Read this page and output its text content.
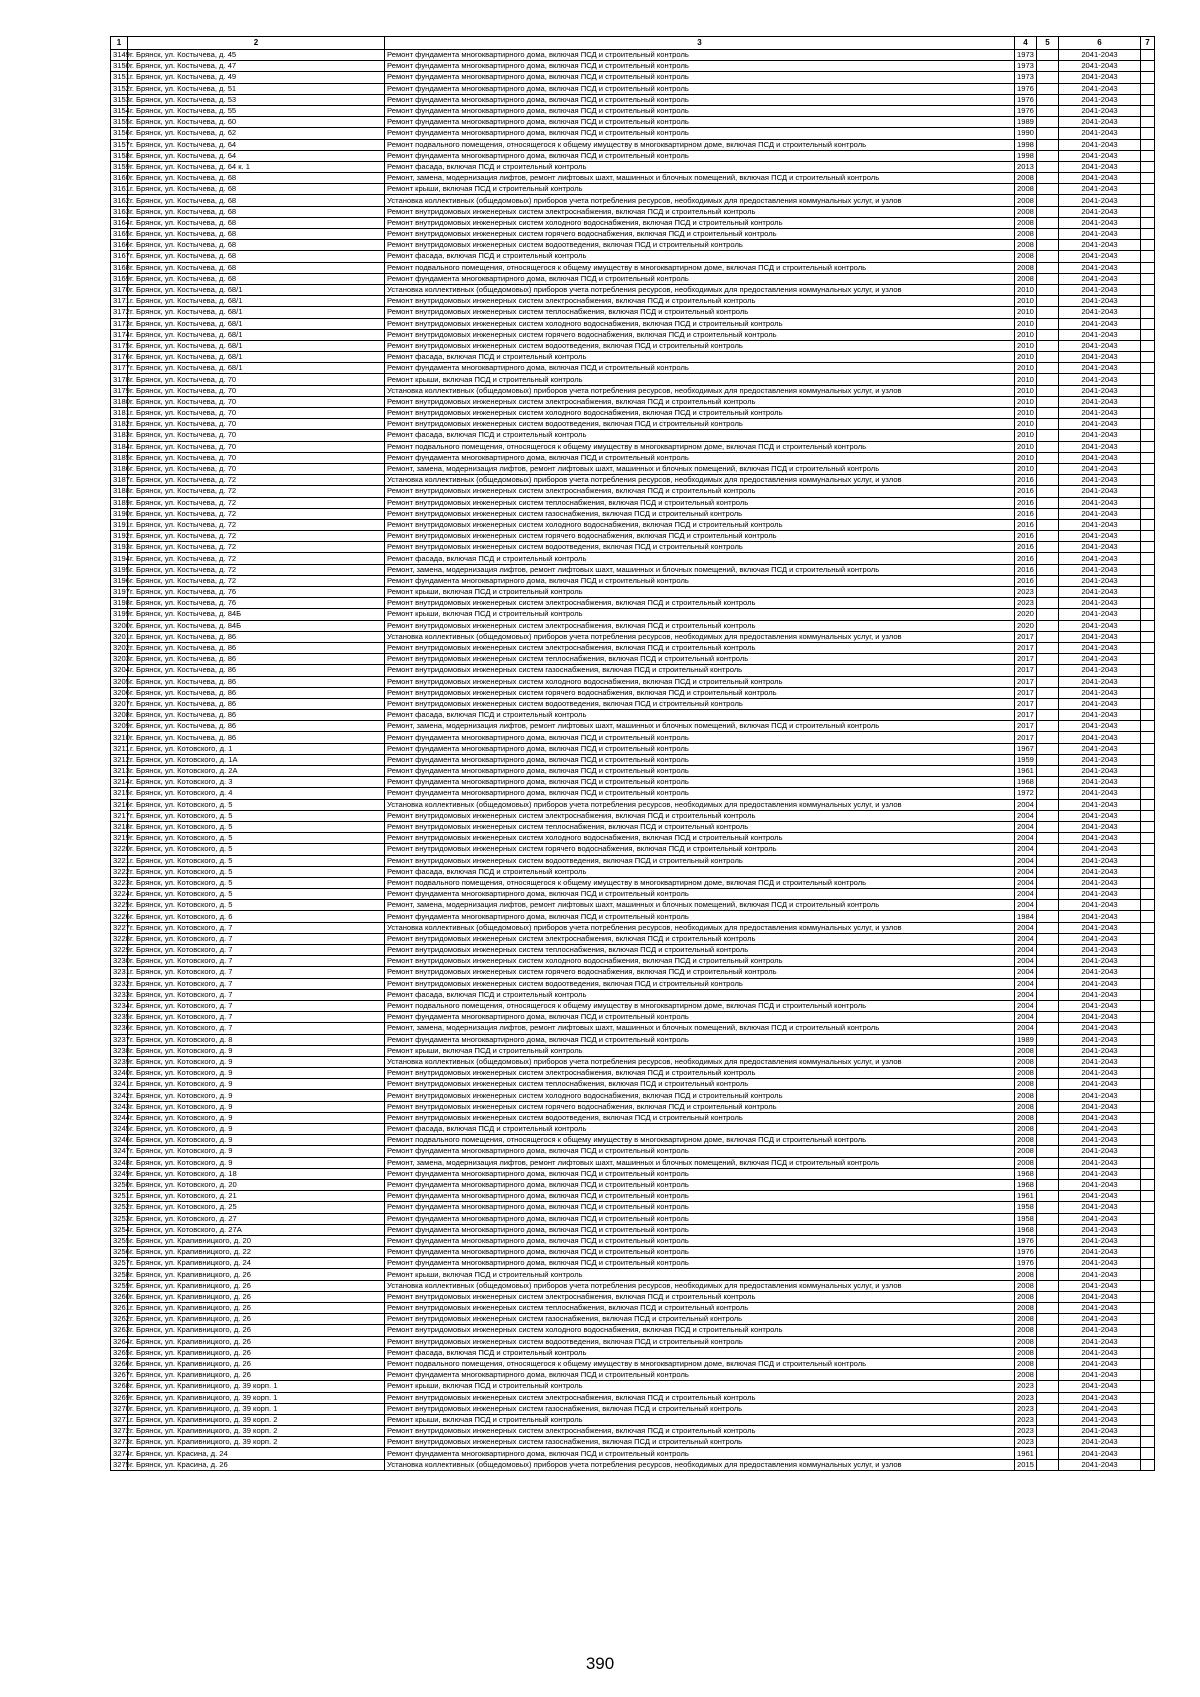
1	2	3	4	5	6	7
3149	г. Брянск, ул. Костычева, д. 45	Ремонт фундамента многоквартирного дома, включая ПСД и строительный контроль	1973		2041-2043	
3150	г. Брянск, ул. Костычева, д. 47	Ремонт фундамента многоквартирного дома, включая ПСД и строительный контроль	1973		2041-2043	
3151	г. Брянск, ул. Костычева, д. 49	Ремонт фундамента многоквартирного дома, включая ПСД и строительный контроль	1973		2041-2043	
3152	г. Брянск, ул. Костычева, д. 51	Ремонт фундамента многоквартирного дома, включая ПСД и строительный контроль	1976		2041-2043	
3153	г. Брянск, ул. Костычева, д. 53	Ремонт фундамента многоквартирного дома, включая ПСД и строительный контроль	1976		2041-2043	
3154	г. Брянск, ул. Костычева, д. 55	Ремонт фундамента многоквартирного дома, включая ПСД и строительный контроль	1976		2041-2043	
3155	г. Брянск, ул. Костычева, д. 60	Ремонт фундамента многоквартирного дома, включая ПСД и строительный контроль	1989		2041-2043	
3156	г. Брянск, ул. Костычева, д. 62	Ремонт фундамента многоквартирного дома, включая ПСД и строительный контроль	1990		2041-2043	
3157	г. Брянск, ул. Костычева, д. 64	Ремонт подвального помещения, относящегося к общему имуществу в многоквартирном доме, включая ПСД и строительный контроль	1998		2041-2043	
3158	г. Брянск, ул. Костычева, д. 64	Ремонт фундамента многоквартирного дома, включая ПСД и строительный контроль	1998		2041-2043	
3159	г. Брянск, ул. Костычева, д. 64 к. 1	Ремонт фасада, включая ПСД и строительный контроль	2013		2041-2043	
3160	г. Брянск, ул. Костычева, д. 68	Ремонт, замена, модернизация лифтов, ремонт лифтовых шахт, машинных и блочных помещений, включая ПСД и строительный контроль	2008		2041-2043	
3161	г. Брянск, ул. Костычева, д. 68	Ремонт крыши, включая ПСД и строительный контроль	2008		2041-2043	
3162	г. Брянск, ул. Костычева, д. 68	Установка коллективных (общедомовых) приборов учета потребления ресурсов, необходимых для предоставления коммунальных услуг, и узлов	2008		2041-2043	
3163	г. Брянск, ул. Костычева, д. 68	Ремонт внутридомовых инженерных систем электроснабжения, включая ПСД и строительный контроль	2008		2041-2043	
3164	г. Брянск, ул. Костычева, д. 68	Ремонт внутридомовых инженерных систем холодного водоснабжения, включая ПСД и строительный контроль	2008		2041-2043	
3165	г. Брянск, ул. Костычева, д. 68	Ремонт внутридомовых инженерных систем горячего водоснабжения, включая ПСД и строительный контроль	2008		2041-2043	
3166	г. Брянск, ул. Костычева, д. 68	Ремонт внутридомовых инженерных систем водоотведения, включая ПСД и строительный контроль	2008		2041-2043	
3167	г. Брянск, ул. Костычева, д. 68	Ремонт фасада, включая ПСД и строительный контроль	2008		2041-2043	
3168	г. Брянск, ул. Костычева, д. 68	Ремонт подвального помещения, относящегося к общему имуществу в многоквартирном доме, включая ПСД и строительный контроль	2008		2041-2043	
3169	г. Брянск, ул. Костычева, д. 68	Ремонт фундамента многоквартирного дома, включая ПСД и строительный контроль	2008		2041-2043	
3170	г. Брянск, ул. Костычева, д. 68/1	Установка коллективных (общедомовых) приборов учета потребления ресурсов, необходимых для предоставления коммунальных услуг, и узлов	2010		2041-2043	
3171	г. Брянск, ул. Костычева, д. 68/1	Ремонт внутридомовых инженерных систем электроснабжения, включая ПСД и строительный контроль	2010		2041-2043	
3172	г. Брянск, ул. Костычева, д. 68/1	Ремонт внутридомовых инженерных систем теплоснабжения, включая ПСД и строительный контроль	2010		2041-2043	
3173	г. Брянск, ул. Костычева, д. 68/1	Ремонт внутридомовых инженерных систем холодного водоснабжения, включая ПСД и строительный контроль	2010		2041-2043	
3174	г. Брянск, ул. Костычева, д. 68/1	Ремонт внутридомовых инженерных систем горячего водоснабжения, включая ПСД и строительный контроль	2010		2041-2043	
3175	г. Брянск, ул. Костычева, д. 68/1	Ремонт внутридомовых инженерных систем водоотведения, включая ПСД и строительный контроль	2010		2041-2043	
3176	г. Брянск, ул. Костычева, д. 68/1	Ремонт фасада, включая ПСД и строительный контроль	2010		2041-2043	
3177	г. Брянск, ул. Костычева, д. 68/1	Ремонт фундамента многоквартирного дома, включая ПСД и строительный контроль	2010		2041-2043	
3178	г. Брянск, ул. Костычева, д. 70	Ремонт крыши, включая ПСД и строительный контроль	2010		2041-2043	
3179	г. Брянск, ул. Костычева, д. 70	Установка коллективных (общедомовых) приборов учета потребления ресурсов, необходимых для предоставления коммунальных услуг, и узлов	2010		2041-2043	
3180	г. Брянск, ул. Костычева, д. 70	Ремонт внутридомовых инженерных систем электроснабжения, включая ПСД и строительный контроль	2010		2041-2043	
3181	г. Брянск, ул. Костычева, д. 70	Ремонт внутридомовых инженерных систем холодного водоснабжения, включая ПСД и строительный контроль	2010		2041-2043	
3182	г. Брянск, ул. Костычева, д. 70	Ремонт внутридомовых инженерных систем водоотведения, включая ПСД и строительный контроль	2010		2041-2043	
3183	г. Брянск, ул. Костычева, д. 70	Ремонт фасада, включая ПСД и строительный контроль	2010		2041-2043	
3184	г. Брянск, ул. Костычева, д. 70	Ремонт подвального помещения, относящегося к общему имуществу в многоквартирном доме, включая ПСД и строительный контроль	2010		2041-2043	
3185	г. Брянск, ул. Костычева, д. 70	Ремонт фундамента многоквартирного дома, включая ПСД и строительный контроль	2010		2041-2043	
3186	г. Брянск, ул. Костычева, д. 70	Ремонт, замена, модернизация лифтов, ремонт лифтовых шахт, машинных и блочных помещений, включая ПСД и строительный контроль	2010		2041-2043	
3187	г. Брянск, ул. Костычева, д. 72	Установка коллективных (общедомовых) приборов учета потребления ресурсов, необходимых для предоставления коммунальных услуг, и узлов	2016		2041-2043	
3188	г. Брянск, ул. Костычева, д. 72	Ремонт внутридомовых инженерных систем электроснабжения, включая ПСД и строительный контроль	2016		2041-2043	
3189	г. Брянск, ул. Костычева, д. 72	Ремонт внутридомовых инженерных систем теплоснабжения, включая ПСД и строительный контроль	2016		2041-2043	
3190	г. Брянск, ул. Костычева, д. 72	Ремонт внутридомовых инженерных систем газоснабжения, включая ПСД и строительный контроль	2016		2041-2043	
3191	г. Брянск, ул. Костычева, д. 72	Ремонт внутридомовых инженерных систем холодного водоснабжения, включая ПСД и строительный контроль	2016		2041-2043	
3192	г. Брянск, ул. Костычева, д. 72	Ремонт внутридомовых инженерных систем горячего водоснабжения, включая ПСД и строительный контроль	2016		2041-2043	
3193	г. Брянск, ул. Костычева, д. 72	Ремонт внутридомовых инженерных систем водоотведения, включая ПСД и строительный контроль	2016		2041-2043	
3194	г. Брянск, ул. Костычева, д. 72	Ремонт фасада, включая ПСД и строительный контроль	2016		2041-2043	
3195	г. Брянск, ул. Костычева, д. 72	Ремонт, замена, модернизация лифтов, ремонт лифтовых шахт, машинных и блочных помещений, включая ПСД и строительный контроль	2016		2041-2043	
3196	г. Брянск, ул. Костычева, д. 72	Ремонт фундамента многоквартирного дома, включая ПСД и строительный контроль	2016		2041-2043	
3197	г. Брянск, ул. Костычева, д. 76	Ремонт крыши, включая ПСД и строительный контроль	2023		2041-2043	
3198	г. Брянск, ул. Костычева, д. 76	Ремонт внутридомовых инженерных систем электроснабжения, включая ПСД и строительный контроль	2023		2041-2043	
3199	г. Брянск, ул. Костычева, д. 84Б	Ремонт крыши, включая ПСД и строительный контроль	2020		2041-2043	
3200	г. Брянск, ул. Костычева, д. 84Б	Ремонт внутридомовых инженерных систем электроснабжения, включая ПСД и строительный контроль	2020		2041-2043	
3201	г. Брянск, ул. Костычева, д. 86	Установка коллективных (общедомовых) приборов учета потребления ресурсов, необходимых для предоставления коммунальных услуг, и узлов	2017		2041-2043	
3202	г. Брянск, ул. Костычева, д. 86	Ремонт внутридомовых инженерных систем электроснабжения, включая ПСД и строительный контроль	2017		2041-2043	
3203	г. Брянск, ул. Костычева, д. 86	Ремонт внутридомовых инженерных систем теплоснабжения, включая ПСД и строительный контроль	2017		2041-2043	
3204	г. Брянск, ул. Костычева, д. 86	Ремонт внутридомовых инженерных систем газоснабжения, включая ПСД и строительный контроль	2017		2041-2043	
3205	г. Брянск, ул. Костычева, д. 86	Ремонт внутридомовых инженерных систем холодного водоснабжения, включая ПСД и строительный контроль	2017		2041-2043	
3206	г. Брянск, ул. Костычева, д. 86	Ремонт внутридомовых инженерных систем горячего водоснабжения, включая ПСД и строительный контроль	2017		2041-2043	
3207	г. Брянск, ул. Костычева, д. 86	Ремонт внутридомовых инженерных систем водоотведения, включая ПСД и строительный контроль	2017		2041-2043	
3208	г. Брянск, ул. Костычева, д. 86	Ремонт фасада, включая ПСД и строительный контроль	2017		2041-2043	
3209	г. Брянск, ул. Костычева, д. 86	Ремонт, замена, модернизация лифтов, ремонт лифтовых шахт, машинных и блочных помещений, включая ПСД и строительный контроль	2017		2041-2043	
3210	г. Брянск, ул. Костычева, д. 86	Ремонт фундамента многоквартирного дома, включая ПСД и строительный контроль	2017		2041-2043	
3211	г. Брянск, ул. Котовского, д. 1	Ремонт фундамента многоквартирного дома, включая ПСД и строительный контроль	1967		2041-2043	
3212	г. Брянск, ул. Котовского, д. 1А	Ремонт фундамента многоквартирного дома, включая ПСД и строительный контроль	1959		2041-2043	
3213	г. Брянск, ул. Котовского, д. 2А	Ремонт фундамента многоквартирного дома, включая ПСД и строительный контроль	1961		2041-2043	
3214	г. Брянск, ул. Котовского, д. 3	Ремонт фундамента многоквартирного дома, включая ПСД и строительный контроль	1968		2041-2043	
3215	г. Брянск, ул. Котовского, д. 4	Ремонт фундамента многоквартирного дома, включая ПСД и строительный контроль	1972		2041-2043	
3216	г. Брянск, ул. Котовского, д. 5	Установка коллективных (общедомовых) приборов учета потребления ресурсов, необходимых для предоставления коммунальных услуг, и узлов	2004		2041-2043	
3217	г. Брянск, ул. Котовского, д. 5	Ремонт внутридомовых инженерных систем электроснабжения, включая ПСД и строительный контроль	2004		2041-2043	
3218	г. Брянск, ул. Котовского, д. 5	Ремонт внутридомовых инженерных систем теплоснабжения, включая ПСД и строительный контроль	2004		2041-2043	
3219	г. Брянск, ул. Котовского, д. 5	Ремонт внутридомовых инженерных систем холодного водоснабжения, включая ПСД и строительный контроль	2004		2041-2043	
3220	г. Брянск, ул. Котовского, д. 5	Ремонт внутридомовых инженерных систем горячего водоснабжения, включая ПСД и строительный контроль	2004		2041-2043	
3221	г. Брянск, ул. Котовского, д. 5	Ремонт внутридомовых инженерных систем водоотведения, включая ПСД и строительный контроль	2004		2041-2043	
3222	г. Брянск, ул. Котовского, д. 5	Ремонт фасада, включая ПСД и строительный контроль	2004		2041-2043	
3223	г. Брянск, ул. Котовского, д. 5	Ремонт подвального помещения, относящегося к общему имуществу в многоквартирном доме, включая ПСД и строительный контроль	2004		2041-2043	
3224	г. Брянск, ул. Котовского, д. 5	Ремонт фундамента многоквартирного дома, включая ПСД и строительный контроль	2004		2041-2043	
3225	г. Брянск, ул. Котовского, д. 5	Ремонт, замена, модернизация лифтов, ремонт лифтовых шахт, машинных и блочных помещений, включая ПСД и строительный контроль	2004		2041-2043	
3226	г. Брянск, ул. Котовского, д. 6	Ремонт фундамента многоквартирного дома, включая ПСД и строительный контроль	1984		2041-2043	
3227	г. Брянск, ул. Котовского, д. 7	Установка коллективных (общедомовых) приборов учета потребления ресурсов, необходимых для предоставления коммунальных услуг, и узлов	2004		2041-2043	
3228	г. Брянск, ул. Котовского, д. 7	Ремонт внутридомовых инженерных систем электроснабжения, включая ПСД и строительный контроль	2004		2041-2043	
3229	г. Брянск, ул. Котовского, д. 7	Ремонт внутридомовых инженерных систем теплоснабжения, включая ПСД и строительный контроль	2004		2041-2043	
3230	г. Брянск, ул. Котовского, д. 7	Ремонт внутридомовых инженерных систем холодного водоснабжения, включая ПСД и строительный контроль	2004		2041-2043	
3231	г. Брянск, ул. Котовского, д. 7	Ремонт внутридомовых инженерных систем горячего водоснабжения, включая ПСД и строительный контроль	2004		2041-2043	
3232	г. Брянск, ул. Котовского, д. 7	Ремонт внутридомовых инженерных систем водоотведения, включая ПСД и строительный контроль	2004		2041-2043	
3233	г. Брянск, ул. Котовского, д. 7	Ремонт фасада, включая ПСД и строительный контроль	2004		2041-2043	
3234	г. Брянск, ул. Котовского, д. 7	Ремонт подвального помещения, относящегося к общему имуществу в многоквартирном доме, включая ПСД и строительный контроль	2004		2041-2043	
3235	г. Брянск, ул. Котовского, д. 7	Ремонт фундамента многоквартирного дома, включая ПСД и строительный контроль	2004		2041-2043	
3236	г. Брянск, ул. Котовского, д. 7	Ремонт, замена, модернизация лифтов, ремонт лифтовых шахт, машинных и блочных помещений, включая ПСД и строительный контроль	2004		2041-2043	
3237	г. Брянск, ул. Котовского, д. 8	Ремонт фундамента многоквартирного дома, включая ПСД и строительный контроль	1989		2041-2043	
3238	г. Брянск, ул. Котовского, д. 9	Ремонт крыши, включая ПСД и строительный контроль	2008		2041-2043	
3239	г. Брянск, ул. Котовского, д. 9	Установка коллективных (общедомовых) приборов учета потребления ресурсов, необходимых для предоставления коммунальных услуг, и узлов	2008		2041-2043	
3240	г. Брянск, ул. Котовского, д. 9	Ремонт внутридомовых инженерных систем электроснабжения, включая ПСД и строительный контроль	2008		2041-2043	
3241	г. Брянск, ул. Котовского, д. 9	Ремонт внутридомовых инженерных систем теплоснабжения, включая ПСД и строительный контроль	2008		2041-2043	
3242	г. Брянск, ул. Котовского, д. 9	Ремонт внутридомовых инженерных систем холодного водоснабжения, включая ПСД и строительный контроль	2008		2041-2043	
3243	г. Брянск, ул. Котовского, д. 9	Ремонт внутридомовых инженерных систем горячего водоснабжения, включая ПСД и строительный контроль	2008		2041-2043	
3244	г. Брянск, ул. Котовского, д. 9	Ремонт внутридомовых инженерных систем водоотведения, включая ПСД и строительный контроль	2008		2041-2043	
3245	г. Брянск, ул. Котовского, д. 9	Ремонт фасада, включая ПСД и строительный контроль	2008		2041-2043	
3246	г. Брянск, ул. Котовского, д. 9	Ремонт подвального помещения, относящегося к общему имуществу в многоквартирном доме, включая ПСД и строительный контроль	2008		2041-2043	
3247	г. Брянск, ул. Котовского, д. 9	Ремонт фундамента многоквартирного дома, включая ПСД и строительный контроль	2008		2041-2043	
3248	г. Брянск, ул. Котовского, д. 9	Ремонт, замена, модернизация лифтов, ремонт лифтовых шахт, машинных и блочных помещений, включая ПСД и строительный контроль	2008		2041-2043	
3249	г. Брянск, ул. Котовского, д. 18	Ремонт фундамента многоквартирного дома, включая ПСД и строительный контроль	1968		2041-2043	
3250	г. Брянск, ул. Котовского, д. 20	Ремонт фундамента многоквартирного дома, включая ПСД и строительный контроль	1968		2041-2043	
3251	г. Брянск, ул. Котовского, д. 21	Ремонт фундамента многоквартирного дома, включая ПСД и строительный контроль	1961		2041-2043	
3252	г. Брянск, ул. Котовского, д. 25	Ремонт фундамента многоквартирного дома, включая ПСД и строительный контроль	1958		2041-2043	
3253	г. Брянск, ул. Котовского, д. 27	Ремонт фундамента многоквартирного дома, включая ПСД и строительный контроль	1958		2041-2043	
3254	г. Брянск, ул. Котовского, д. 27А	Ремонт фундамента многоквартирного дома, включая ПСД и строительный контроль	1968		2041-2043	
3255	г. Брянск, ул. Крапивницкого, д. 20	Ремонт фундамента многоквартирного дома, включая ПСД и строительный контроль	1976		2041-2043	
3256	г. Брянск, ул. Крапивницкого, д. 22	Ремонт фундамента многоквартирного дома, включая ПСД и строительный контроль	1976		2041-2043	
3257	г. Брянск, ул. Крапивницкого, д. 24	Ремонт фундамента многоквартирного дома, включая ПСД и строительный контроль	1976		2041-2043	
3258	г. Брянск, ул. Крапивницкого, д. 26	Ремонт крыши, включая ПСД и строительный контроль	2008		2041-2043	
3259	г. Брянск, ул. Крапивницкого, д. 26	Установка коллективных (общедомовых) приборов учета потребления ресурсов, необходимых для предоставления коммунальных услуг, и узлов	2008		2041-2043	
3260	г. Брянск, ул. Крапивницкого, д. 26	Ремонт внутридомовых инженерных систем электроснабжения, включая ПСД и строительный контроль	2008		2041-2043	
3261	г. Брянск, ул. Крапивницкого, д. 26	Ремонт внутридомовых инженерных систем теплоснабжения, включая ПСД и строительный контроль	2008		2041-2043	
3262	г. Брянск, ул. Крапивницкого, д. 26	Ремонт внутридомовых инженерных систем газоснабжения, включая ПСД и строительный контроль	2008		2041-2043	
3263	г. Брянск, ул. Крапивницкого, д. 26	Ремонт внутридомовых инженерных систем холодного водоснабжения, включая ПСД и строительный контроль	2008		2041-2043	
3264	г. Брянск, ул. Крапивницкого, д. 26	Ремонт внутридомовых инженерных систем водоотведения, включая ПСД и строительный контроль	2008		2041-2043	
3265	г. Брянск, ул. Крапивницкого, д. 26	Ремонт фасада, включая ПСД и строительный контроль	2008		2041-2043	
3266	г. Брянск, ул. Крапивницкого, д. 26	Ремонт подвального помещения, относящегося к общему имуществу в многоквартирном доме, включая ПСД и строительный контроль	2008		2041-2043	
3267	г. Брянск, ул. Крапивницкого, д. 26	Ремонт фундамента многоквартирного дома, включая ПСД и строительный контроль	2008		2041-2043	
3268	г. Брянск, ул. Крапивницкого, д. 39 корп. 1	Ремонт крыши, включая ПСД и строительный контроль	2023		2041-2043	
3269	г. Брянск, ул. Крапивницкого, д. 39 корп. 1	Ремонт внутридомовых инженерных систем электроснабжения, включая ПСД и строительный контроль	2023		2041-2043	
3270	г. Брянск, ул. Крапивницкого, д. 39 корп. 1	Ремонт внутридомовых инженерных систем газоснабжения, включая ПСД и строительный контроль	2023		2041-2043	
3271	г. Брянск, ул. Крапивницкого, д. 39 корп. 2	Ремонт крыши, включая ПСД и строительный контроль	2023		2041-2043	
3272	г. Брянск, ул. Крапивницкого, д. 39 корп. 2	Ремонт внутридомовых инженерных систем электроснабжения, включая ПСД и строительный контроль	2023		2041-2043	
3273	г. Брянск, ул. Крапивницкого, д. 39 корп. 2	Ремонт внутридомовых инженерных систем газоснабжения, включая ПСД и строительный контроль	2023		2041-2043	
3274	г. Брянск, ул. Красина, д. 24	Ремонт фундамента многоквартирного дома, включая ПСД и строительный контроль	1961		2041-2043	
3275	г. Брянск, ул. Красина, д. 26	Установка коллективных (общедомовых) приборов учета потребления ресурсов, необходимых для предоставления коммунальных услуг, и узлов	2015		2041-2043	
390
